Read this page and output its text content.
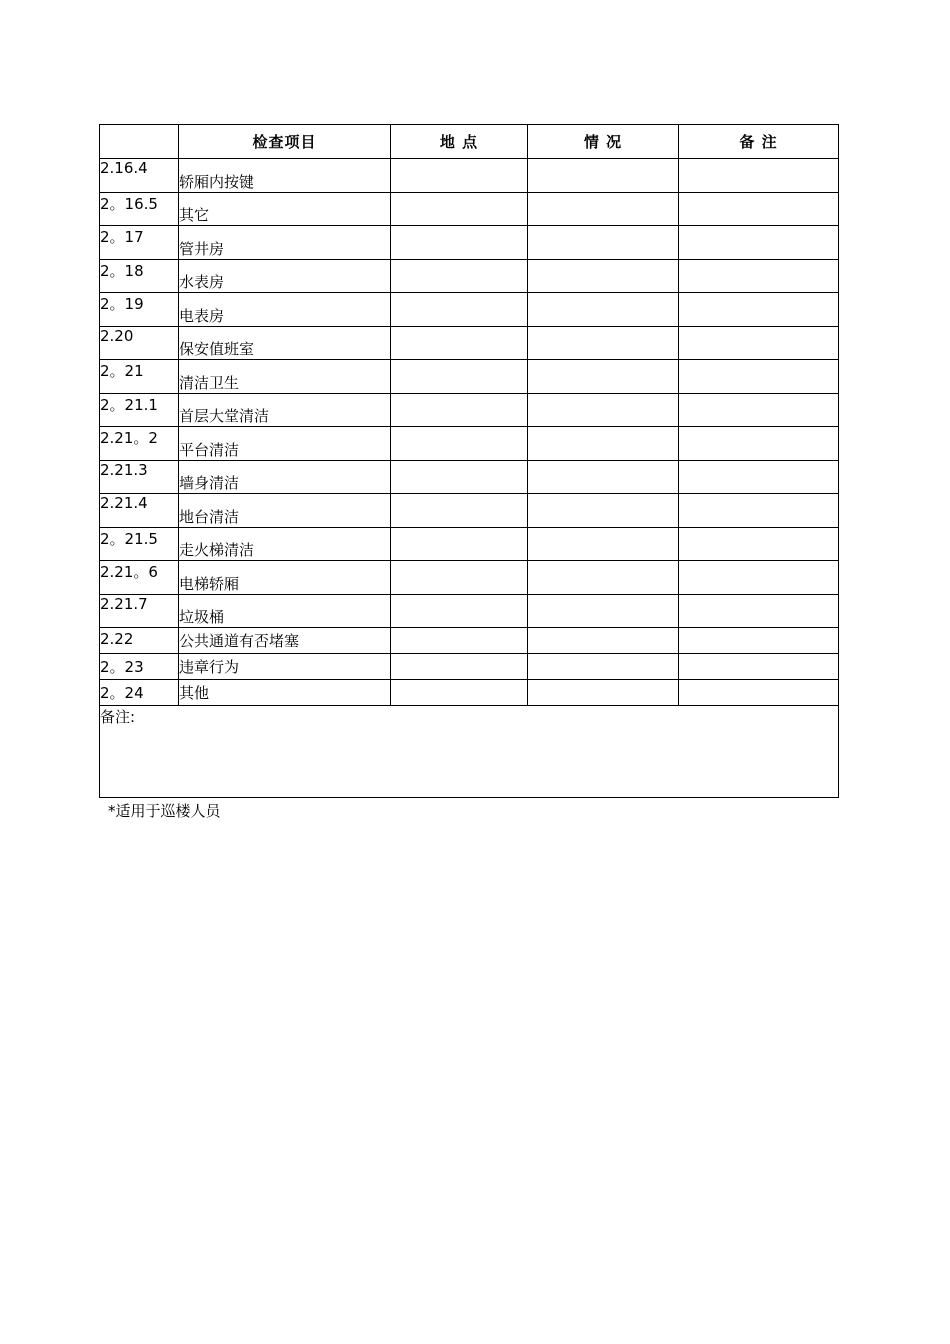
	检查项目	地 点	情 况	备 注
2.16.4	轿厢内按键			
2。16.5	其它			
2。17	管井房			
2。18	水表房			
2。19	电表房			
2.20	保安值班室			
2。21	清洁卫生			
2。21.1	首层大堂清洁			
2.21。2	平台清洁			
2.21.3	墙身清洁			
2.21.4	地台清洁			
2。21.5	走火梯清洁			
2.21。6	电梯轿厢			
2.21.7	垃圾桶			
2.22	公共通道有否堵塞			
2。23	违章行为			
2。24	其他			
备注:				
*适用于巡楼人员
